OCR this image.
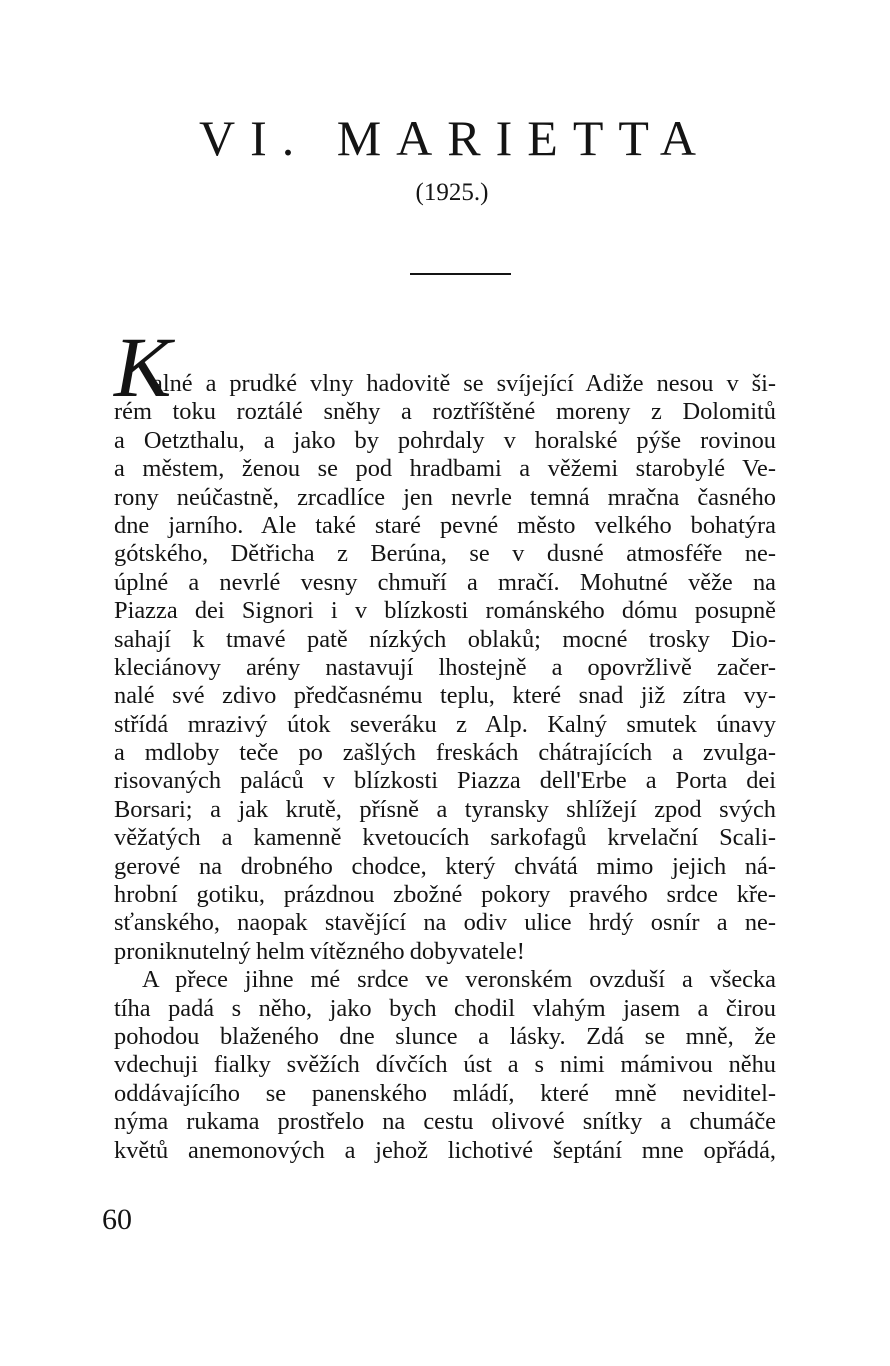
VI. MARIETTA
(1925.)
K
alné a prudké vlny hadovitě se svíjející Adiže nesou v ši-
rém toku roztálé sněhy a roztříštěné moreny z Dolomitů
a Oetzthalu, a jako by pohrdaly v horalské pýše rovinou
a městem, ženou se pod hradbami a věžemi starobylé Ve-
rony neúčastně, zrcadlíce jen nevrle temná mračna časného
dne jarního. Ale také staré pevné město velkého bohatýra
gótského, Dětřicha z Berúna, se v dusné atmosféře ne-
úplné a nevrlé vesny chmuří a mračí. Mohutné věže na
Piazza dei Signori i v blízkosti románského dómu posupně
sahají k tmavé patě nízkých oblaků; mocné trosky Dio-
kleciánovy arény nastavují lhostejně a opovržlivě začer-
nalé své zdivo předčasnému teplu, které snad již zítra vy-
střídá mrazivý útok severáku z Alp. Kalný smutek únavy
a mdloby teče po zašlých freskách chátrajících a zvulga-
risovaných paláců v blízkosti Piazza dell'Erbe a Porta dei
Borsari; a jak krutě, přísně a tyransky shlížejí zpod svých
věžatých a kamenně kvetoucích sarkofagů krvelační Scali-
gerové na drobného chodce, který chvátá mimo jejich ná-
hrobní gotiku, prázdnou zbožné pokory pravého srdce kře-
sťanského, naopak stavějící na odiv ulice hrdý osnír a ne-
proniknutelný helm vítězného dobyvatele!
A přece jihne mé srdce ve veronském ovzduší a všecka
tíha padá s něho, jako bych chodil vlahým jasem a čirou
pohodou blaženého dne slunce a lásky. Zdá se mně, že
vdechuji fialky svěžích dívčích úst a s nimi mámivou něhu
oddávajícího se panenského mládí, které mně neviditel-
nýma rukama prostřelo na cestu olivové snítky a chumáče
květů anemonových a jehož lichotivé šeptání mne opřádá,
60
